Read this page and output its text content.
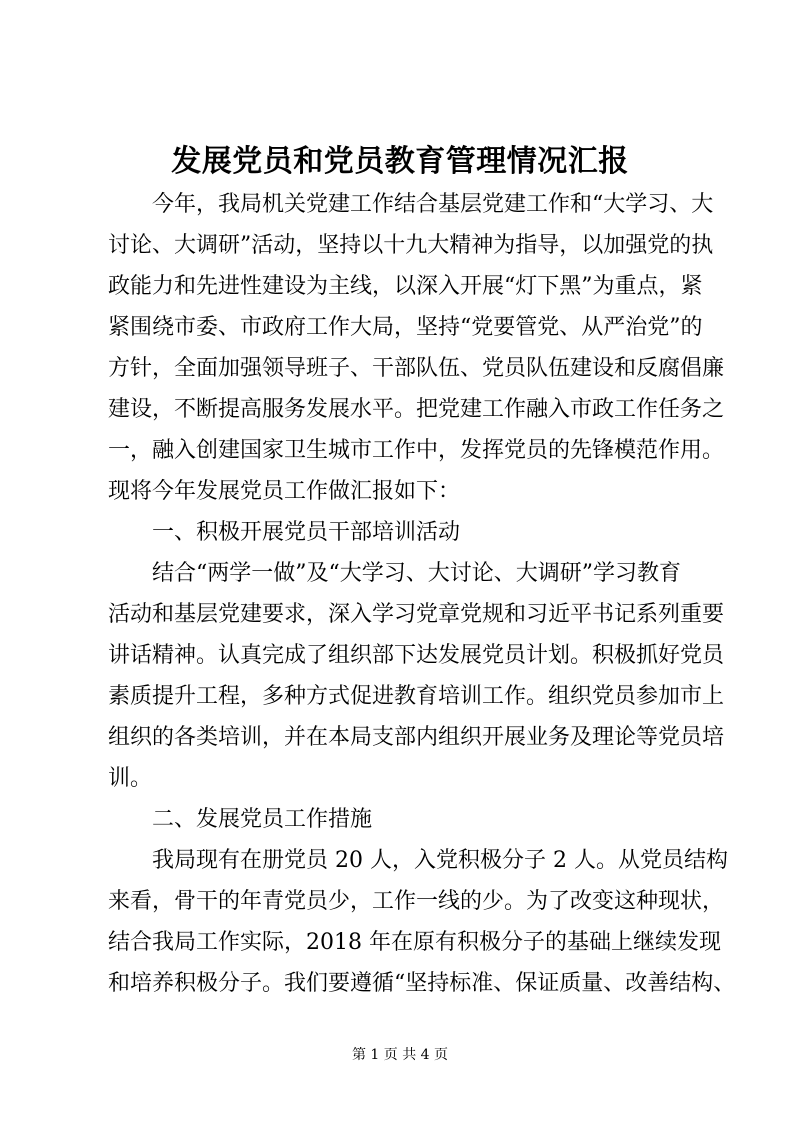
发展党员和党员教育管理情况汇报
今年，我局机关党建工作结合基层党建工作和“大学习、大
讨论、大调研”活动，坚持以十九大精神为指导，以加强党的执
政能力和先进性建设为主线，以深入开展“灯下黑”为重点，紧
紧围绕市委、市政府工作大局，坚持“党要管党、从严治党”的
方针，全面加强领导班子、干部队伍、党员队伍建设和反腐倡廉
建设，不断提高服务发展水平。把党建工作融入市政工作任务之
一，融入创建国家卫生城市工作中，发挥党员的先锋模范作用。
现将今年发展党员工作做汇报如下：
一、积极开展党员干部培训活动
结合“两学一做”及“大学习、大讨论、大调研”学习教育
活动和基层党建要求，深入学习党章党规和习近平书记系列重要
讲话精神。认真完成了组织部下达发展党员计划。积极抓好党员
素质提升工程，多种方式促进教育培训工作。组织党员参加市上
组织的各类培训，并在本局支部内组织开展业务及理论等党员培
训。
二、发展党员工作措施
我局现有在册党员 20 人，入党积极分子 2 人。从党员结构
来看，骨干的年青党员少，工作一线的少。为了改变这种现状，
结合我局工作实际，2018 年在原有积极分子的基础上继续发现
和培养积极分子。我们要遵循“坚持标准、保证质量、改善结构、
第 1 页 共 4 页
